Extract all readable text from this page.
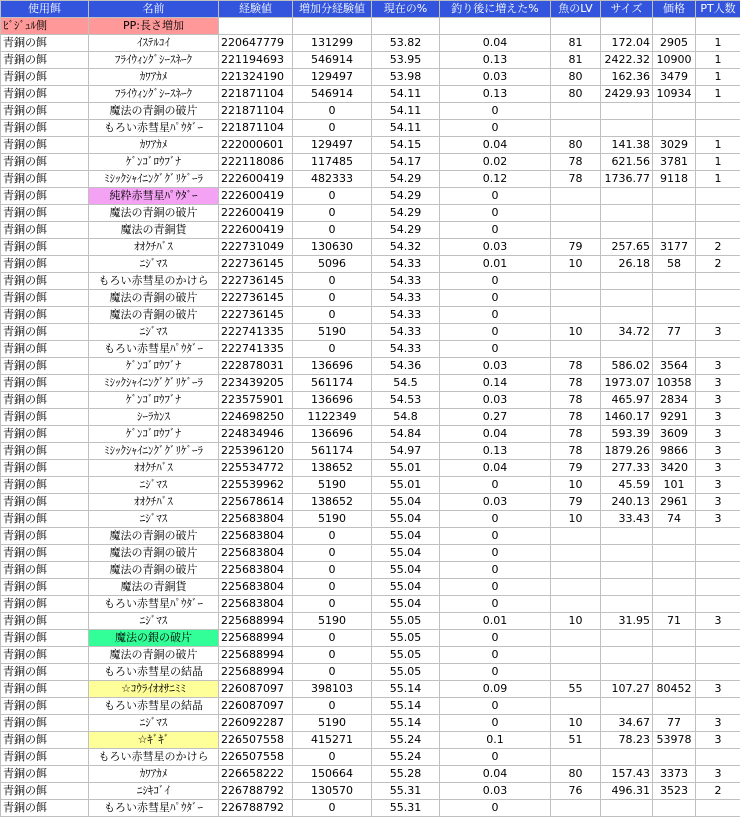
使用餌	名前	経験値	増加分経験値	現在の%	釣り後に増えた%	魚のLV	サイズ	価格	PT人数
ﾋﾞｼﾞｭﾙ側	PP:長さ増加								
青銅の餌	ｲｽﾃﾙｺｲ	220647779	131299	53.82	0.04	81	172.04	2905	1
青銅の餌	ﾌﾗｲｳｨﾝｸﾞｼｰｽﾈｰｸ	221194693	546914	53.95	0.13	81	2422.32	10900	1
青銅の餌	ｶﾜｱｶﾒ	221324190	129497	53.98	0.03	80	162.36	3479	1
青銅の餌	ﾌﾗｲｳｨﾝｸﾞｼｰｽﾈｰｸ	221871104	546914	54.11	0.13	80	2429.93	10934	1
青銅の餌	魔法の青銅の破片	221871104	0	54.11	0				
青銅の餌	もろい赤彗星ﾊﾟｳﾀﾞｰ	221871104	0	54.11	0				
青銅の餌	ｶﾜｱｶﾒ	222000601	129497	54.15	0.04	80	141.38	3029	1
青銅の餌	ｹﾞﾝｺﾞﾛｳﾌﾞﾅ	222118086	117485	54.17	0.02	78	621.56	3781	1
青銅の餌	ﾐｼｯｸｼｬｲﾆﾝｸﾞｸﾞﾘｹﾞｰﾗ	222600419	482333	54.29	0.12	78	1736.77	9118	1
青銅の餌	純粋赤彗星ﾊﾟｳﾀﾞｰ	222600419	0	54.29	0				
青銅の餌	魔法の青銅の破片	222600419	0	54.29	0				
青銅の餌	魔法の青銅貨	222600419	0	54.29	0				
青銅の餌	ｵｵｸﾁﾊﾞｽ	222731049	130630	54.32	0.03	79	257.65	3177	2
青銅の餌	ﾆｼﾞﾏｽ	222736145	5096	54.33	0.01	10	26.18	58	2
青銅の餌	もろい赤彗星のかけら	222736145	0	54.33	0				
青銅の餌	魔法の青銅の破片	222736145	0	54.33	0				
青銅の餌	魔法の青銅の破片	222736145	0	54.33	0				
青銅の餌	ﾆｼﾞﾏｽ	222741335	5190	54.33	0	10	34.72	77	3
青銅の餌	もろい赤彗星ﾊﾟｳﾀﾞｰ	222741335	0	54.33	0				
青銅の餌	ｹﾞﾝｺﾞﾛｳﾌﾞﾅ	222878031	136696	54.36	0.03	78	586.02	3564	3
青銅の餌	ﾐｼｯｸｼｬｲﾆﾝｸﾞｸﾞﾘｹﾞｰﾗ	223439205	561174	54.5	0.14	78	1973.07	10358	3
青銅の餌	ｹﾞﾝｺﾞﾛｳﾌﾞﾅ	223575901	136696	54.53	0.03	78	465.97	2834	3
青銅の餌	ｼｰﾗｶﾝｽ	224698250	1122349	54.8	0.27	78	1460.17	9291	3
青銅の餌	ｹﾞﾝｺﾞﾛｳﾌﾞﾅ	224834946	136696	54.84	0.04	78	593.39	3609	3
青銅の餌	ﾐｼｯｸｼｬｲﾆﾝｸﾞｸﾞﾘｹﾞｰﾗ	225396120	561174	54.97	0.13	78	1879.26	9866	3
青銅の餌	ｵｵｸﾁﾊﾞｽ	225534772	138652	55.01	0.04	79	277.33	3420	3
青銅の餌	ﾆｼﾞﾏｽ	225539962	5190	55.01	0	10	45.59	101	3
青銅の餌	ｵｵｸﾁﾊﾞｽ	225678614	138652	55.04	0.03	79	240.13	2961	3
青銅の餌	ﾆｼﾞﾏｽ	225683804	5190	55.04	0	10	33.43	74	3
青銅の餌	魔法の青銅の破片	225683804	0	55.04	0				
青銅の餌	魔法の青銅の破片	225683804	0	55.04	0				
青銅の餌	魔法の青銅の破片	225683804	0	55.04	0				
青銅の餌	魔法の青銅貨	225683804	0	55.04	0				
青銅の餌	もろい赤彗星ﾊﾟｳﾀﾞｰ	225683804	0	55.04	0				
青銅の餌	ﾆｼﾞﾏｽ	225688994	5190	55.05	0.01	10	31.95	71	3
青銅の餌	魔法の銀の破片	225688994	0	55.05	0				
青銅の餌	魔法の青銅の破片	225688994	0	55.05	0				
青銅の餌	もろい赤彗星の結晶	225688994	0	55.05	0				
青銅の餌	☆ｺｳﾗｲｵｵｻﾆﾐﾐ	226087097	398103	55.14	0.09	55	107.27	80452	3
青銅の餌	もろい赤彗星の結晶	226087097	0	55.14	0				
青銅の餌	ﾆｼﾞﾏｽ	226092287	5190	55.14	0	10	34.67	77	3
青銅の餌	☆ｷﾞｷﾞ	226507558	415271	55.24	0.1	51	78.23	53978	3
青銅の餌	もろい赤彗星のかけら	226507558	0	55.24	0				
青銅の餌	ｶﾜｱｶﾒ	226658222	150664	55.28	0.04	80	157.43	3373	3
青銅の餌	ﾆｼｷｺﾞｲ	226788792	130570	55.31	0.03	76	496.31	3523	2
青銅の餌	もろい赤彗星ﾊﾟｳﾀﾞｰ	226788792	0	55.31	0				
